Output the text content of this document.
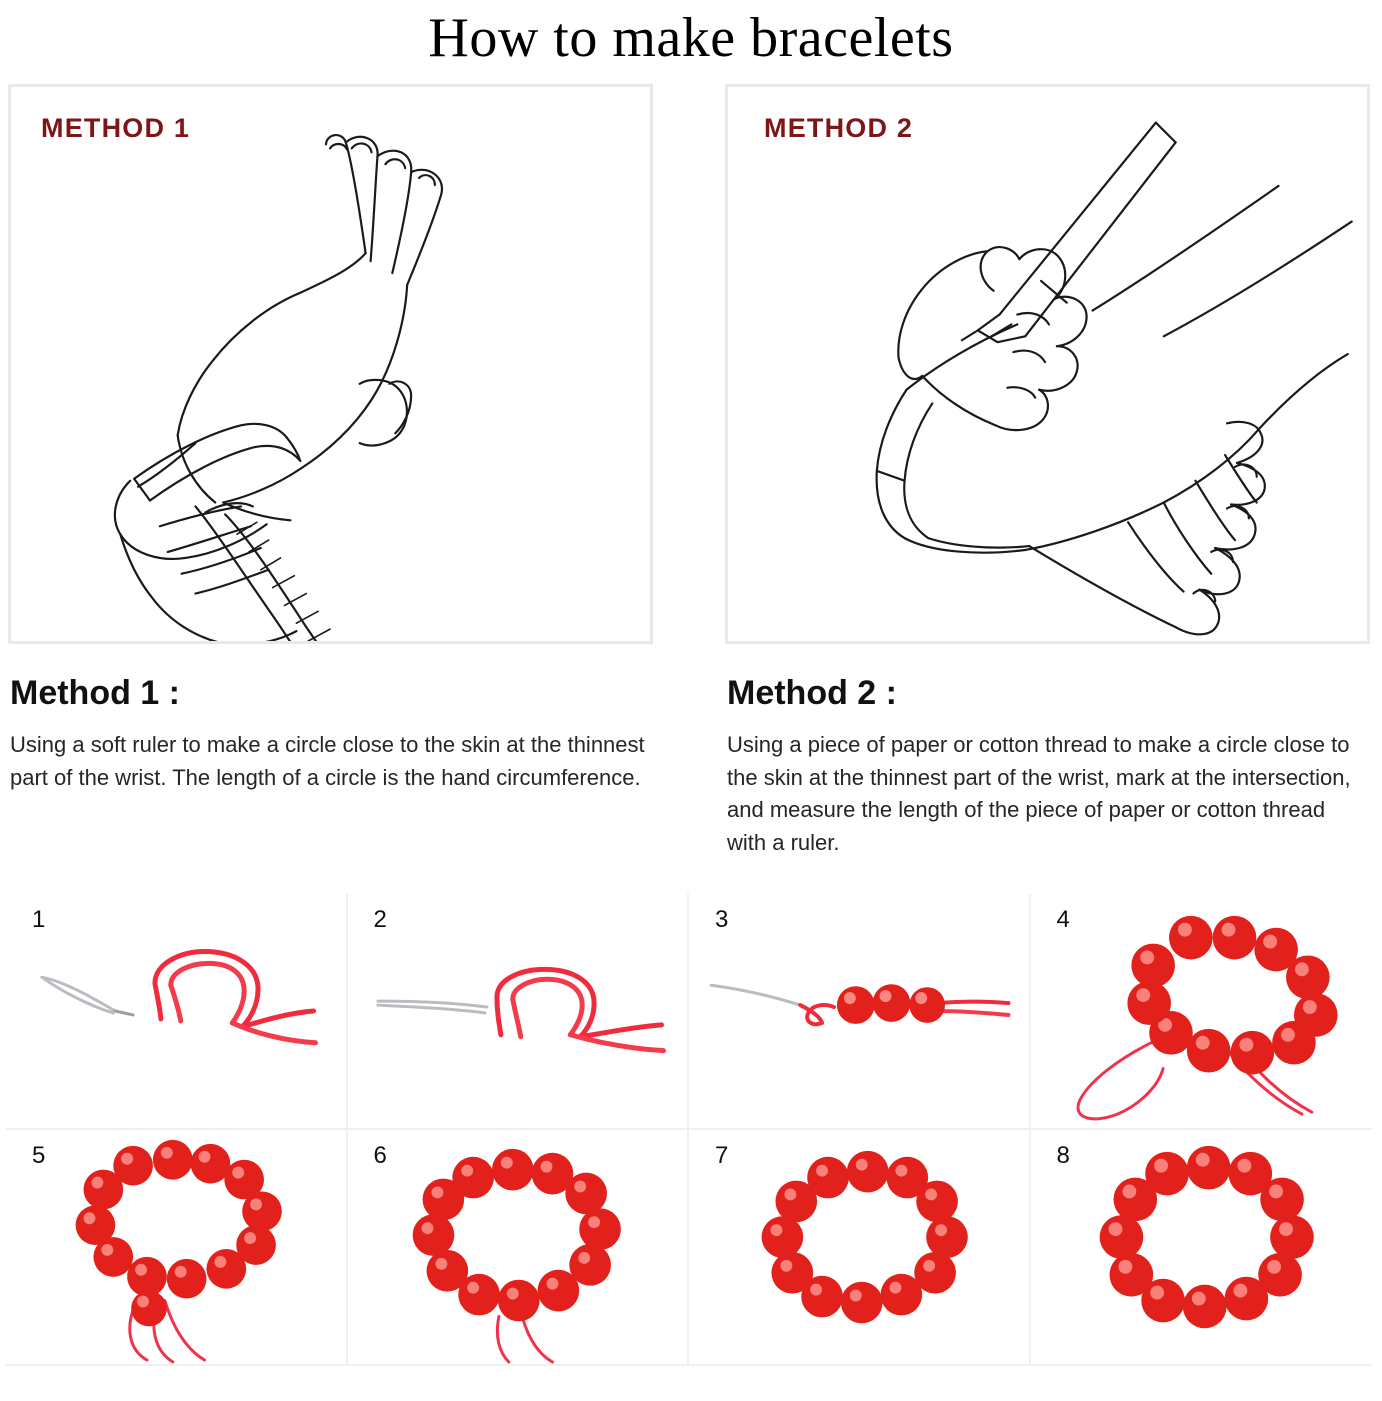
How to make bracelets
METHOD 1
Method 1 :

Using a soft ruler to make a circle close to the skin at the thinnest part of the wrist. The length of a circle is the hand circumference.

METHOD 2
Method 2 :

Using a piece of paper or cotton thread to make a circle close to the skin at the thinnest part of the wrist, mark at the intersection, and measure the length of the piece of paper or cotton thread with a ruler.

1	2	3	4
5	6	7	8
